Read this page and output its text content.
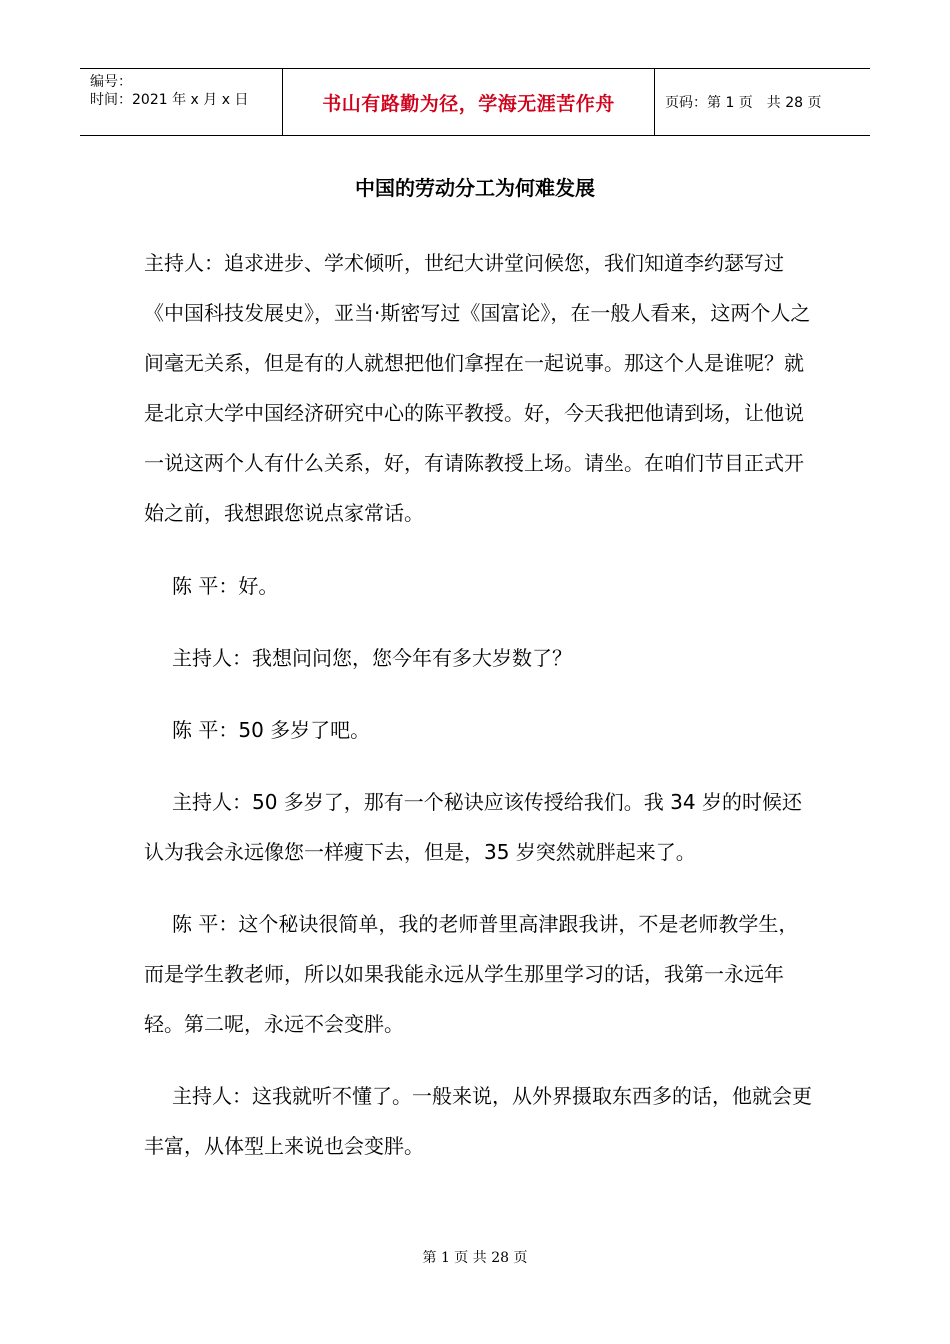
编号：
时间：2021 年 x 月 x 日	书山有路勤为径，学海无涯苦作舟	页码：第 1 页　共 28 页
中国的劳动分工为何难发展

主持人：追求进步、学术倾听，世纪大讲堂问候您，我们知道李约瑟写过《中国科技发展史》，亚当·斯密写过《国富论》，在一般人看来，这两个人之间毫无关系，但是有的人就想把他们拿捏在一起说事。那这个人是谁呢？就是北京大学中国经济研究中心的陈平教授。好，今天我把他请到场，让他说一说这两个人有什么关系，好，有请陈教授上场。请坐。在咱们节目正式开始之前，我想跟您说点家常话。

陈 平：好。

主持人：我想问问您，您今年有多大岁数了？

陈 平：50 多岁了吧。

主持人：50 多岁了，那有一个秘诀应该传授给我们。我 34 岁的时候还认为我会永远像您一样瘦下去，但是，35 岁突然就胖起来了。

陈 平：这个秘诀很简单，我的老师普里高津跟我讲，不是老师教学生，而是学生教老师，所以如果我能永远从学生那里学习的话，我第一永远年轻。第二呢，永远不会变胖。

主持人：这我就听不懂了。一般来说，从外界摄取东西多的话，他就会更丰富，从体型上来说也会变胖。

第 1 页 共 28 页
